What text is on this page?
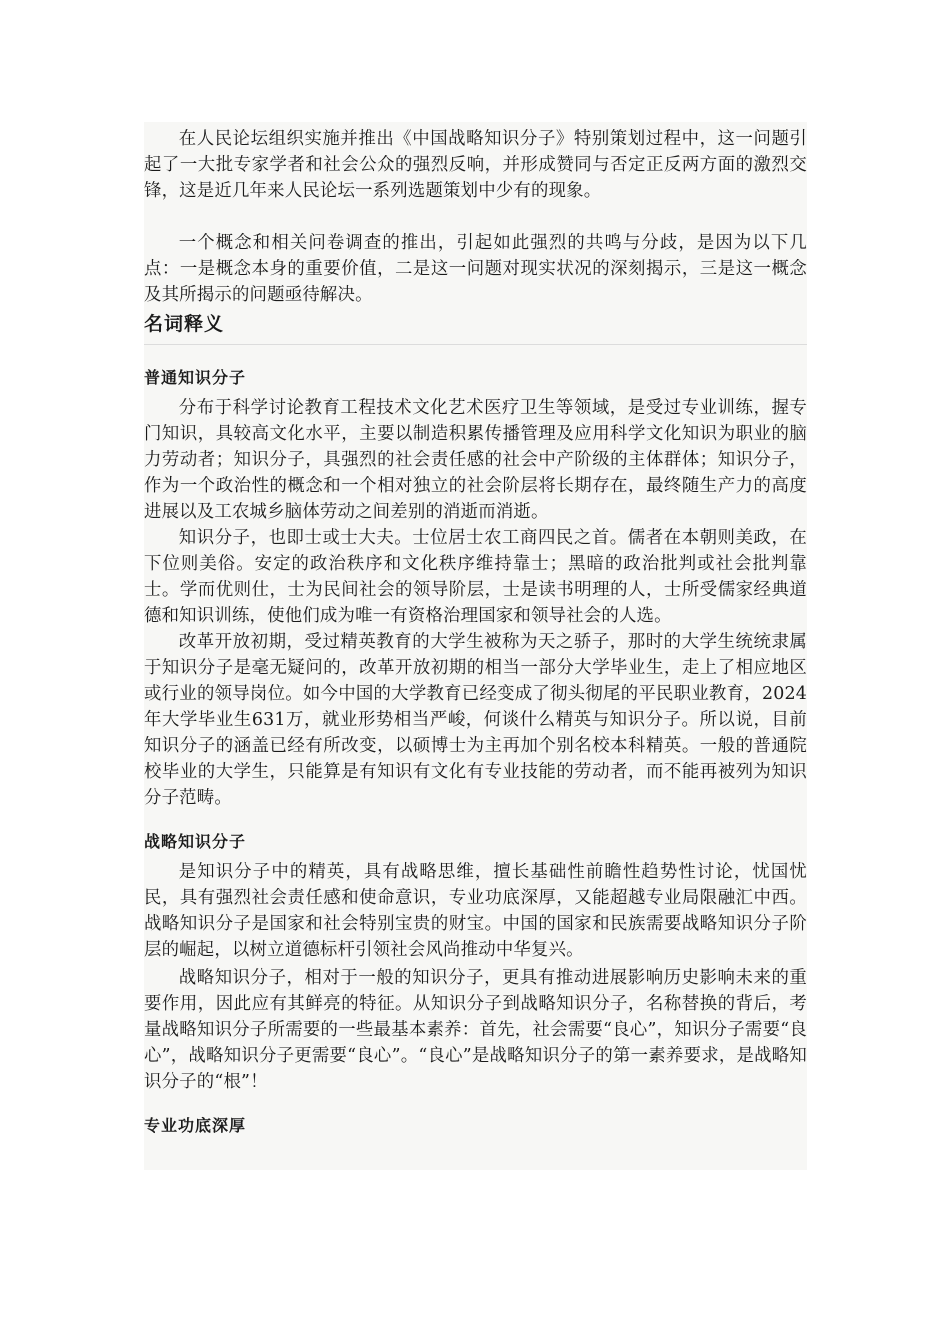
在人民论坛组织实施并推出《中国战略知识分子》特别策划过程中，这一问题引起了一大批专家学者和社会公众的强烈反响，并形成赞同与否定正反两方面的激烈交锋，这是近几年来人民论坛一系列选题策划中少有的现象。

一个概念和相关问卷调查的推出，引起如此强烈的共鸣与分歧，是因为以下几点：一是概念本身的重要价值，二是这一问题对现实状况的深刻揭示，三是这一概念及其所揭示的问题亟待解决。

名词释义
普通知识分子

分布于科学讨论教育工程技术文化艺术医疗卫生等领域，是受过专业训练，握专门知识，具较高文化水平，主要以制造积累传播管理及应用科学文化知识为职业的脑力劳动者；知识分子，具强烈的社会责任感的社会中产阶级的主体群体；知识分子，作为一个政治性的概念和一个相对独立的社会阶层将长期存在，最终随生产力的高度进展以及工农城乡脑体劳动之间差别的消逝而消逝。

知识分子，也即士或士大夫。士位居士农工商四民之首。儒者在本朝则美政，在下位则美俗。安定的政治秩序和文化秩序维持靠士；黑暗的政治批判或社会批判靠士。学而优则仕，士为民间社会的领导阶层，士是读书明理的人，士所受儒家经典道德和知识训练，使他们成为唯一有资格治理国家和领导社会的人选。

改革开放初期，受过精英教育的大学生被称为天之骄子，那时的大学生统统隶属于知识分子是毫无疑问的，改革开放初期的相当一部分大学毕业生，走上了相应地区或行业的领导岗位。如今中国的大学教育已经变成了彻头彻尾的平民职业教育，2024年大学毕业生631万，就业形势相当严峻，何谈什么精英与知识分子。所以说，目前知识分子的涵盖已经有所改变，以硕博士为主再加个别名校本科精英。一般的普通院校毕业的大学生，只能算是有知识有文化有专业技能的劳动者，而不能再被列为知识分子范畴。

战略知识分子

是知识分子中的精英，具有战略思维，擅长基础性前瞻性趋势性讨论，忧国忧民，具有强烈社会责任感和使命意识，专业功底深厚，又能超越专业局限融汇中西。战略知识分子是国家和社会特别宝贵的财宝。中国的国家和民族需要战略知识分子阶层的崛起，以树立道德标杆引领社会风尚推动中华复兴。

战略知识分子，相对于一般的知识分子，更具有推动进展影响历史影响未来的重要作用，因此应有其鲜亮的特征。从知识分子到战略知识分子，名称替换的背后，考量战略知识分子所需要的一些最基本素养：首先，社会需要“良心”，知识分子需要“良心”，战略知识分子更需要“良心”。“良心”是战略知识分子的第一素养要求，是战略知识分子的“根”！

专业功底深厚
